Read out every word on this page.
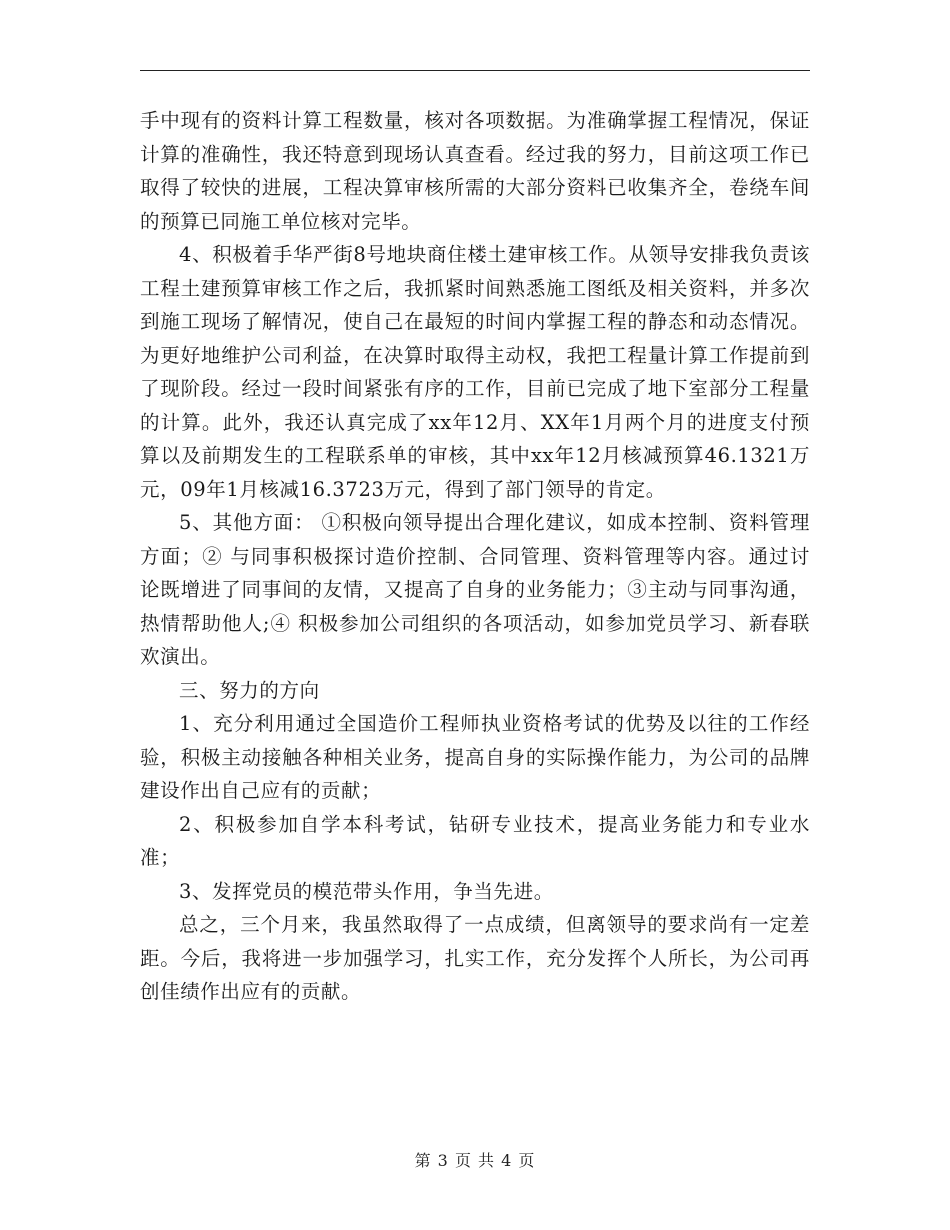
手中现有的资料计算工程数量，核对各项数据。为准确掌握工程情况，保证计算的准确性，我还特意到现场认真查看。经过我的努力，目前这项工作已取得了较快的进展，工程决算审核所需的大部分资料已收集齐全，卷绕车间的预算已同施工单位核对完毕。

4、积极着手华严街8号地块商住楼土建审核工作。从领导安排我负责该工程土建预算审核工作之后，我抓紧时间熟悉施工图纸及相关资料，并多次到施工现场了解情况，使自己在最短的时间内掌握工程的静态和动态情况。为更好地维护公司利益，在决算时取得主动权，我把工程量计算工作提前到了现阶段。经过一段时间紧张有序的工作，目前已完成了地下室部分工程量的计算。此外，我还认真完成了xx年12月、XX年1月两个月的进度支付预算以及前期发生的工程联系单的审核，其中xx年12月核减预算46.1321万元，09年1月核减16.3723万元，得到了部门领导的肯定。

5、其他方面： ①积极向领导提出合理化建议，如成本控制、资料管理方面；② 与同事积极探讨造价控制、合同管理、资料管理等内容。通过讨论既增进了同事间的友情，又提高了自身的业务能力；③主动与同事沟通，热情帮助他人;④ 积极参加公司组织的各项活动，如参加党员学习、新春联欢演出。

三、努力的方向

1、充分利用通过全国造价工程师执业资格考试的优势及以往的工作经验，积极主动接触各种相关业务，提高自身的实际操作能力，为公司的品牌建设作出自己应有的贡献；

2、积极参加自学本科考试，钻研专业技术，提高业务能力和专业水准；

3、发挥党员的模范带头作用，争当先进。

总之，三个月来，我虽然取得了一点成绩，但离领导的要求尚有一定差距。今后，我将进一步加强学习，扎实工作，充分发挥个人所长，为公司再创佳绩作出应有的贡献。

第 3 页 共 4 页
